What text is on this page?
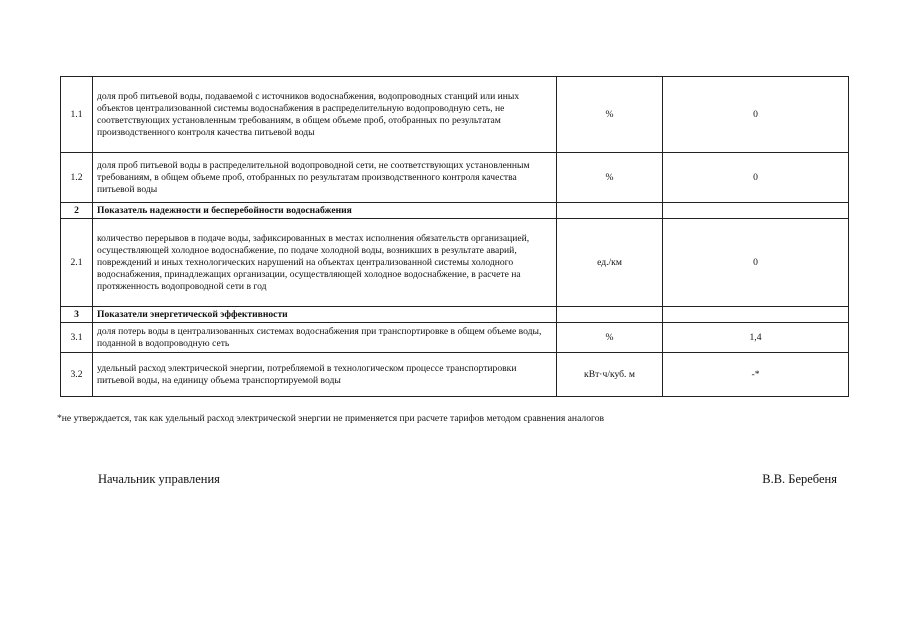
1.1	доля проб питьевой воды, подаваемой с источников водоснабжения, водопроводных станций или иных объектов централизованной системы водоснабжения в распределительную водопроводную сеть, не соответствующих установленным требованиям, в общем объеме проб, отобранных по результатам производственного контроля качества питьевой воды	%	0
1.2	доля проб питьевой воды в распределительной водопроводной сети, не соответствующих установленным требованиям, в общем объеме проб, отобранных по результатам производственного контроля качества питьевой воды	%	0
2	Показатель надежности и бесперебойности водоснабжения		
2.1	количество перерывов в подаче воды, зафиксированных в местах исполнения обязательств организацией, осуществляющей холодное водоснабжение, по подаче холодной воды, возникших в результате аварий, повреждений и иных технологических нарушений на объектах централизованной системы холодного водоснабжения, принадлежащих организации, осуществляющей холодное водоснабжение, в расчете на протяженность водопроводной сети в год	ед./км	0
3	Показатели энергетической эффективности		
3.1	доля потерь воды в централизованных системах водоснабжения при транспортировке в общем объеме воды, поданной в водопроводную сеть	%	1,4
3.2	удельный расход электрической энергии, потребляемой в технологическом процессе транспортировки питьевой воды, на единицу объема транспортируемой воды	кВт·ч/куб. м	-*
*не утверждается, так как удельный расход электрической энергии не применяется при расчете тарифов методом сравнения аналогов
Начальник управления	В.В. Беребеня
